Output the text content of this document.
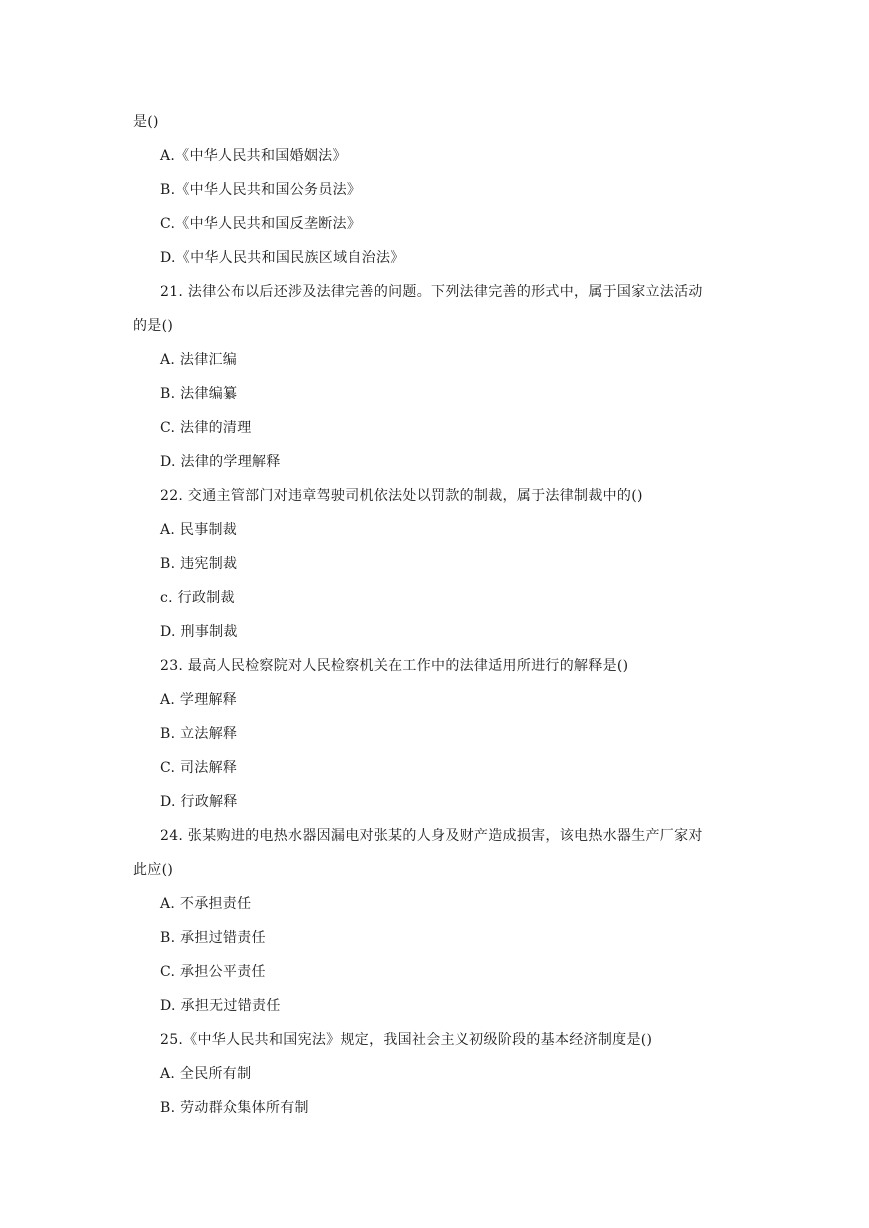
是()
A.《中华人民共和国婚姻法》
B.《中华人民共和国公务员法》
C.《中华人民共和国反垄断法》
D.《中华人民共和国民族区域自治法》
21. 法律公布以后还涉及法律完善的问题。下列法律完善的形式中，属于国家立法活动
的是()
A. 法律汇编
B. 法律编纂
C. 法律的清理
D. 法律的学理解释
22. 交通主管部门对违章驾驶司机依法处以罚款的制裁，属于法律制裁中的()
A. 民事制裁
B. 违宪制裁
c. 行政制裁
D. 刑事制裁
23. 最高人民检察院对人民检察机关在工作中的法律适用所进行的解释是()
A. 学理解释
B. 立法解释
C. 司法解释
D. 行政解释
24. 张某购进的电热水器因漏电对张某的人身及财产造成损害，该电热水器生产厂家对
此应()
A. 不承担责任
B. 承担过错责任
C. 承担公平责任
D. 承担无过错责任
25.《中华人民共和国宪法》规定，我国社会主义初级阶段的基本经济制度是()
A. 全民所有制
B. 劳动群众集体所有制
